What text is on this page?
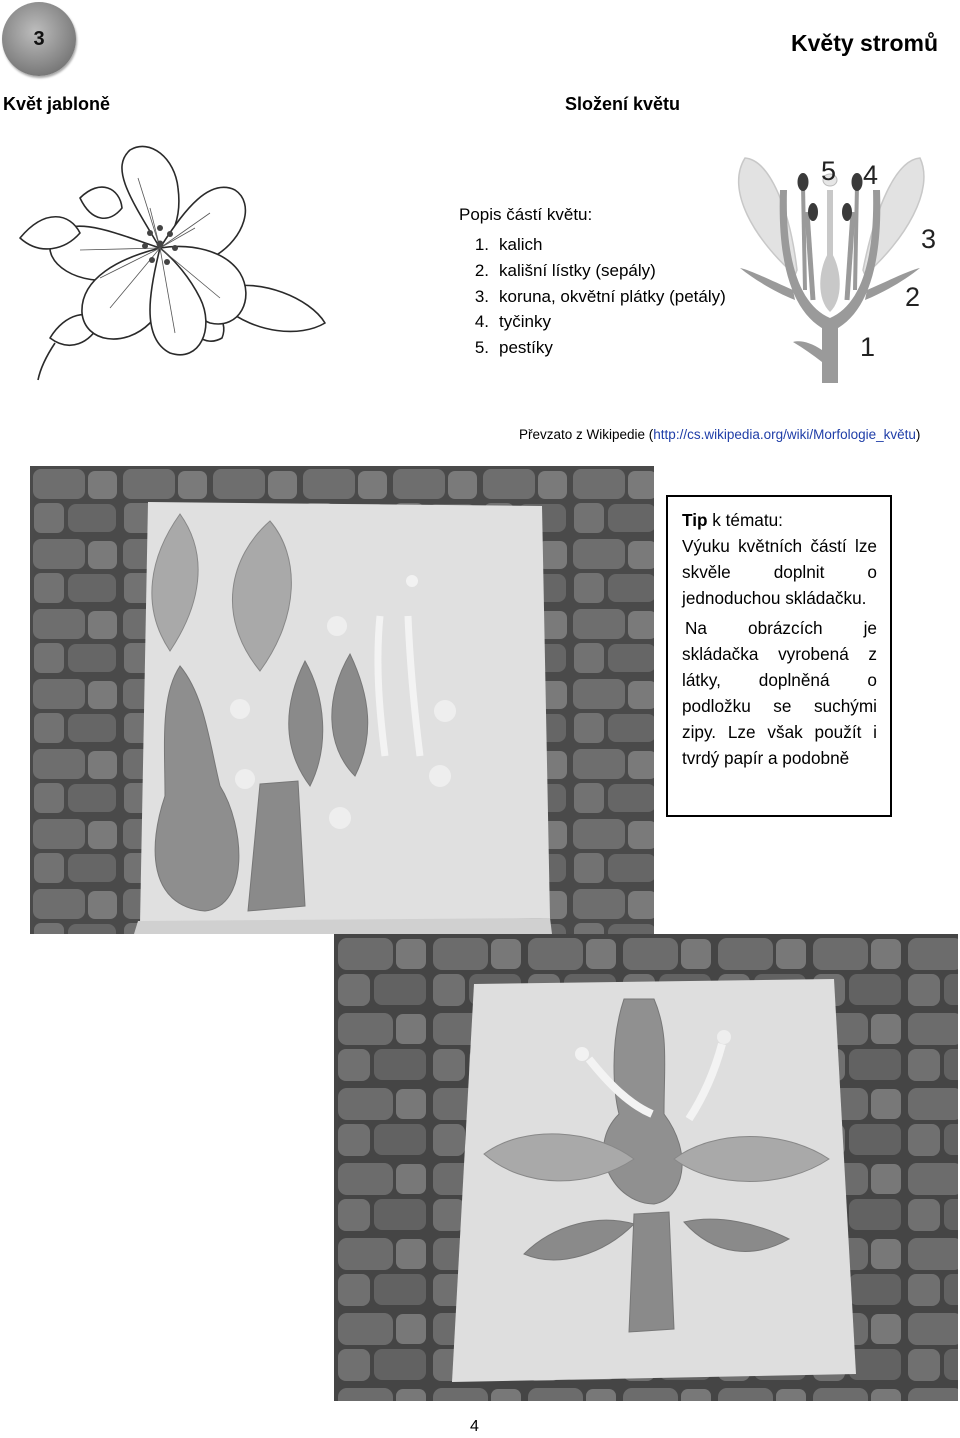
3	Květy stromů
Květ jabloně	Složení květu
Popis částí květu:
1. kalich
2. kališní lístky (sepály)
3. koruna, okvětní plátky (petály)
4. tyčinky
5. pestíky
5 4
3
2
1
Převzato z Wikipedie (http://cs.wikipedia.org/wiki/Morfologie_květu)

Tip k tématu:

Výuku květních částí lze skvěle doplnit o jednoduchou skládačku.

Na obrázcích je skládačka vyrobená z látky, doplněná o podložku se suchými zipy. Lze však použít i tvrdý papír a podobně

4
